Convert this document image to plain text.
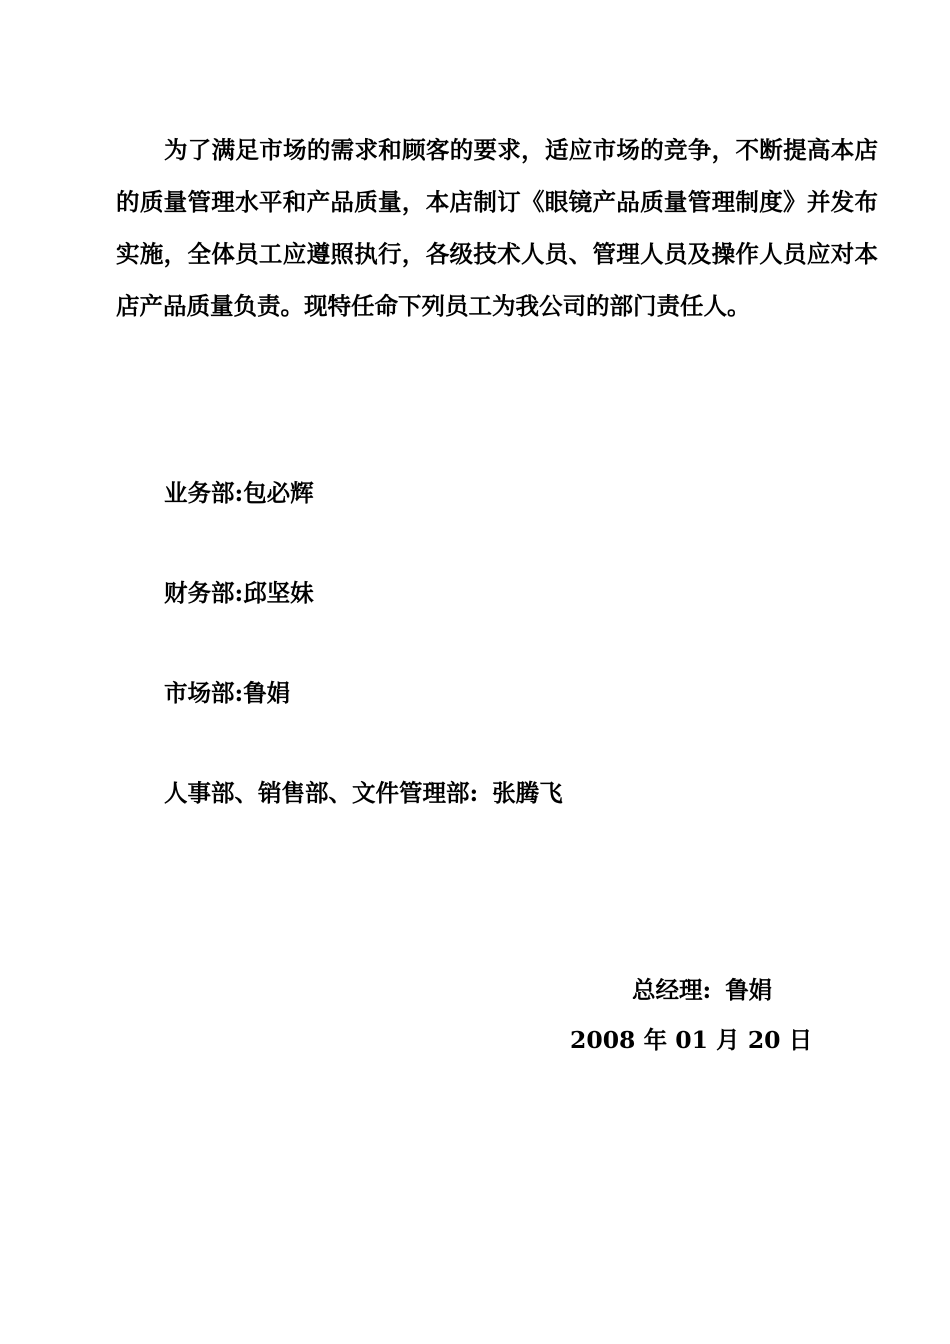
为了满足市场的需求和顾客的要求，适应市场的竞争，不断提高本店的质量管理水平和产品质量，本店制订《眼镜产品质量管理制度》并发布实施，全体员工应遵照执行，各级技术人员、管理人员及操作人员应对本店产品质量负责。现特任命下列员工为我公司的部门责任人。

业务部:包必辉

财务部:邱坚妹

市场部:鲁娟

人事部、销售部、文件管理部: 张腾飞

总经理: 鲁娟

2008 年 01 月 20 日
